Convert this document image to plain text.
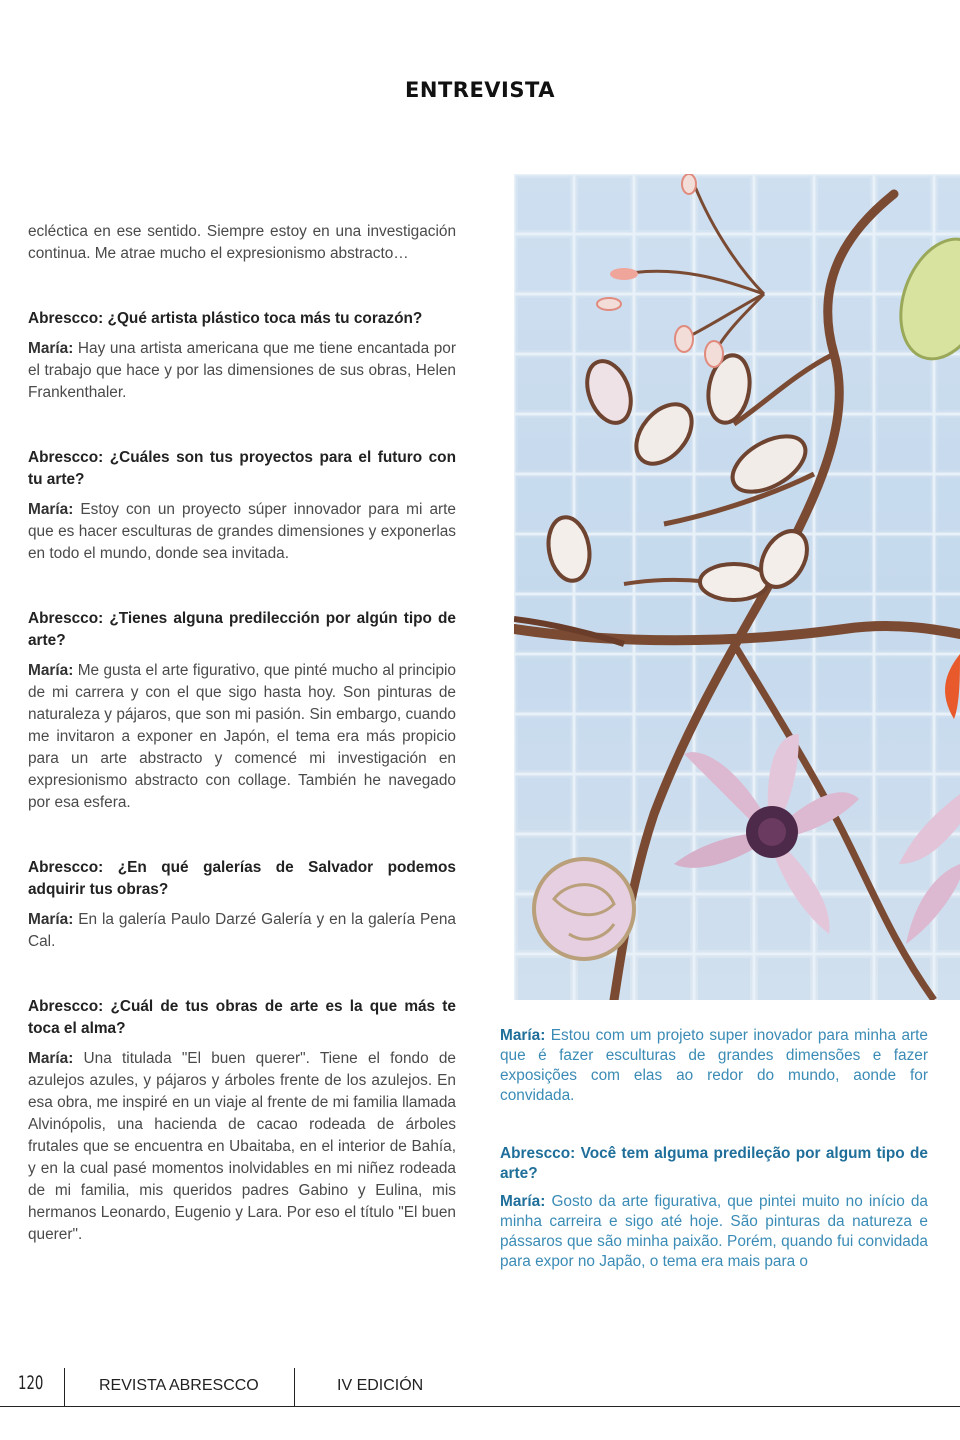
ENTREVISTA

ecléctica en ese sentido. Siempre estoy en una investigación continua. Me atrae mucho el expresionismo abstracto…

Abrescco: ¿Qué artista plástico toca más tu corazón?

María: Hay una artista americana que me tiene encantada por el trabajo que hace y por las dimensiones de sus obras, Helen Frankenthaler.

Abrescco: ¿Cuáles son tus proyectos para el futuro con tu arte?

María: Estoy con un proyecto súper innovador para mi arte que es hacer esculturas de grandes dimensiones y exponerlas en todo el mundo, donde sea invitada.

Abrescco: ¿Tienes alguna predilección por algún tipo de arte?

María: Me gusta el arte figurativo, que pinté mucho al principio de mi carrera y con el que sigo hasta hoy. Son pinturas de naturaleza y pájaros, que son mi pasión. Sin embargo, cuando me invitaron a exponer en Japón, el tema era más propicio para un arte abstracto y comencé mi investigación en expresionismo abstracto con collage. También he navegado por esa esfera.

Abrescco: ¿En qué galerías de Salvador podemos adquirir tus obras?

María: En la galería Paulo Darzé Galería y en la galería Pena Cal.

Abrescco: ¿Cuál de tus obras de arte es la que más te toca el alma?

María: Una titulada "El buen querer". Tiene el fondo de azulejos azules, y pájaros y árboles frente de los azulejos. En esa obra, me inspiré en un viaje al frente de mi familia llamada Alvinópolis, una hacienda de cacao rodeada de árboles frutales que se encuentra en Ubaitaba, en el interior de Bahía, y en la cual pasé momentos inolvidables en mi niñez rodeada de mi familia, mis queridos padres Gabino y Eulina, mis hermanos Leonardo, Eugenio y Lara. Por eso el título "El buen querer".

María: Estou com um projeto super inovador para minha arte que é fazer esculturas de grandes dimensões e fazer exposições com elas ao redor do mundo, aonde for convidada.

Abrescco: Você tem alguma predileção por algum tipo de arte?

María: Gosto da arte figurativa, que pintei muito no início da minha carreira e sigo até hoje. São pinturas da natureza e pássaros que são minha paixão. Porém, quando fui convidada para expor no Japão, o tema era mais para o

120	REVISTA ABRESCCO	IV EDICIÓN
